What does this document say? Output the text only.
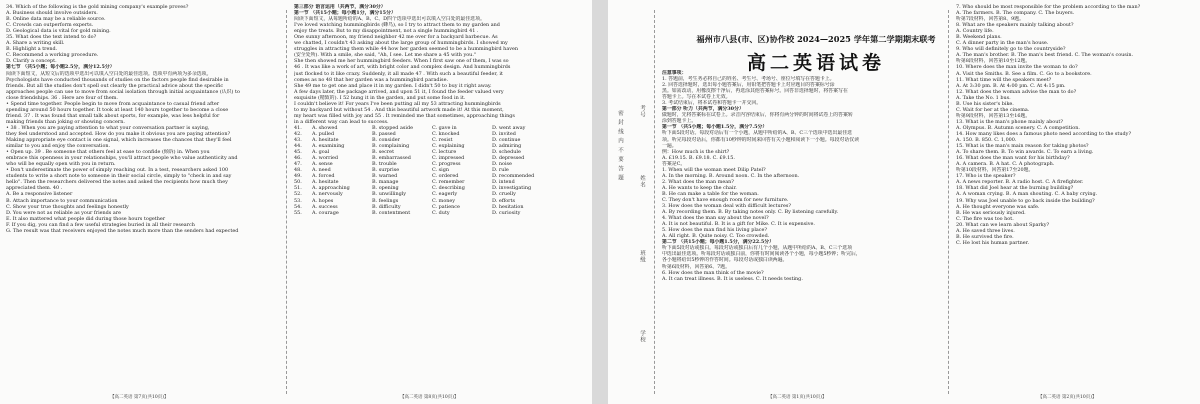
34. Which of the following is the gold mining company's example proves?

A. Business should involve outsiders.

B. Online data may be a reliable source.

C. Crowds can outperform experts.

D. Geological data is vital for gold mining.

35. What does the text intend to do?

A. Share a writing skill.

B. Highlight a trend.

C. Recommend a working procedure.

D. Clarify a concept.

第七节 （共5小题；每小题2.5分，满分12.5分）

阅读下面短文，从短文后的选项中选出可以填入空白处的最佳选项。选项中有两项为多余选项。

Psychologists have conducted thousands of studies on the factors people find desirable in

friends. But all the studies don't spell out clearly the practical advice about the specific

approaches people can use to move from social isolation through initial acquaintance (认识) to

close friendships. 36 . Here are four of them.

• Spend time together. People begin to move from acquaintance to casual friend after

spending around 50 hours together. It took at least 140 hours together to become a close

friend. 37 . It was found that small talk about sports, for example, was less helpful for

making friends than joking or showing concern.

• 38 . When you are paying attention to what your conversation partner is saying,

they feel understood and accepted. How do you make it obvious you are paying attention?

Making appropriate eye contact is one signal, which increases the chances that they'll feel

similar to you and enjoy the conversation.

• Open up. 39 . Be someone that others feel at ease to confide (倾诉) in. When you

embrace this openness in your relationships, you'll attract people who value authenticity and

who will be equally open with you in return.

• Don't underestimate the power of simply reaching out. In a test, researchers asked 100

students to write a short note to someone in their social circle, simply to "check in and say

hello". Then the researchers delivered the notes and asked the recipients how much they

appreciated them. 40 .

A. Be a responsive listener

B. Attach importance to your communication

C. Show your true thoughts and feelings honestly

D. You were not as reliable as your friends are

E. It also mattered what people did during those hours together

F. If you dig, you can find a few useful strategies buried in all their research

G. The result was that receivers enjoyed the notes much more than the senders had expected

【高二英语 第7页(共10页)】

第三部分 语言运用（共两节，满分30分）

第一节 （共15小题；每小题1分，满分15分）

阅读下面短文，从每题所给的A、B、C、D四个选项中选出可以填入空白处的最佳选项。

I've loved watching hummingbirds (蜂鸟), so I try to attract them to my garden and

enjoy the treats. But to my disappointment, not a single hummingbird 41 .

One sunny afternoon, my friend neighbor 42 me over for a backyard barbecue. As

we chatted, I couldn't 43 asking about the large group of hummingbirds. I showed my

struggles in attracting them while 44 how her garden seemed to be a hummingbird haven

(安全处所). With a smile, she said, "Ah, I see. Let me share a 45 with you."

She then showed me her hummingbird feeders. When I first saw one of them, I was so

46 . It was like a work of art, with bright color and complex design. And hummingbirds

just flocked to it like crazy. Suddenly, it all made 47 . With such a beautiful feeder, it

comes as no 48 that her garden was a hummingbird paradise.

She 49 me to get one and place it in my garden. I didn't 50 to buy it right away.

A few days later, the package arrived, and upon 51 it, I found the feeder valued very

exquisite (精致的). I 52 hung it in the garden, and put some food in it.

I couldn't believe it! For years I've been putting all my 53 attracting hummingbirds

to my backyard but without 54 . And this beautiful artwork made it! At this moment,

my heart was filled with joy and 55 . It reminded me that sometimes, approaching things

in a different way can lead to success.

41.	A. showed	B. stopped aside	C. gave in	D. went away
42.	A. pulled	B. passed	C. knocked	D. invited
43.	A. hesitate	B. consider	C. resist	D. continue
44.	A. examining	B. complaining	C. explaining	D. admiring
45.	A. goal	B. secret	C. lecture	D. schedule
46.	A. worried	B. embarrassed	C. impressed	D. depressed
47.	A. sense	B. trouble	C. progress	D. noise
48.	A. need	B. surprise	C. sign	D. rule
49.	A. forced	B. warned	C. ordered	D. recommended
50.	A. hesitate	B. manage	C. remember	D. intend
51.	A. approaching	B. opening	C. describing	D. investigating
52.	A. nervously	B. unwillingly	C. eagerly	D. cruelly
53.	A. hopes	B. feelings	C. money	D. efforts
54.	A. success	B. difficulty	C. patience	D. hesitation
55.	A. courage	B. contentment	C. duty	D. curiosity
【高二英语 第8页(共10页)】
密 封 线 内 不 要 答 题	考号
姓名
班级
学校
福州市八县(市、区)协作校 2024—2025 学年第二学期期末联考
高二英语试卷

注意事项：

1. 答题前，考生务必将自己的姓名、考生号、考场号、座位号填写在答题卡上。

2. 回答选择题时，选出每小题答案后，用铅笔把答题卡上对应题目的答案标号涂

黑。如需改动，用橡皮擦干净后，再选涂其他答案标号。回答非选择题时，将答案写在

答题卡上。写在本试卷上无效。

3. 考试结束后，将本试卷和答题卡一并交回。

第一部分 听力（共两节，满分30分）

做题时，先将答案标在试卷上。录音内容结束后，你将有两分钟的时间将试卷上的答案转

涂到答题卡上。

第一节 （共5小题；每小题1.5分，满分7.5分）

听下面5段对话。每段对话后有一个小题，从题中所给的A、B、C三个选项中选出最佳选

项。听完每段对话后，你都有10秒钟的时间来回答有关小题和阅读下一小题。每段对话仅读

一遍。

例：How much is the shirt?

A. £19.15. B. £9.18. C. £9.15.

答案是C。

1. When will the woman meet Dilip Patel?

A. In the morning. B. Around noon. C. In the afternoon.

2. What does the man mean?

A. He wants to keep the chair.

B. He can make a table for the woman.

C. They don't have enough room for new furniture.

3. How does the woman deal with difficult lectures?

A. By recording them. B. By taking notes only. C. By listening carefully.

4. What does the man say about the novel?

A. It is not beautiful. B. It is a gift for Mike. C. It is expensive.

5. How does the man find his living place?

A. All right. B. Quite noisy. C. Too crowded.

第二节 （共15小题；每小题1.5分，满分22.5分）

听下面5段对话或独白。每段对话或独白后有几个小题，从题中所给的A、B、C三个选项

中选出最佳选项。听每段对话或独白前，你将有时间阅读各个小题，每小题5秒钟；听完后，

各小题将给出5秒钟的作答时间。每段对话或独白读两遍。

听第6段材料，回答第6、7题。

6. How does the man think of the movie?

A. It can treat illness. B. It is useless. C. It needs testing.

【高二英语 第1页(共10页)】

7. Who should be most responsible for the problem according to the man?

A. The farmers. B. The company. C. The buyers.

听第7段材料，回答第8、9题。

8. What are the speakers mainly talking about?

A. Country life.

B. Weekend plans.

C. A dinner party in the man's house.

9. Who will definitely go to the countryside?

A. The man's brother. B. The man's best friend. C. The woman's cousin.

听第8段材料，回答第10至12题。

10. Where does the man invite the woman to do?

A. Visit the Smiths. B. See a film. C. Go to a bookstore.

11. What time will the speakers meet?

A. At 3:30 pm. B. At 4:00 pm. C. At 4:15 pm.

12. What does the woman advise the man to do?

A. Take the No. 1 bus.

B. Use his sister's bike.

C. Wait for her at the cinema.

听第9段材料，回答第13至16题。

13. What is the man's phone mainly about?

A. Olympus. B. Autumn scenery. C. A competition.

14. How many likes does a famous photo need according to the study?

A. 150. B. 850. C. 1,000.

15. What is the man's main reason for taking photos?

A. To share them. B. To win awards. C. To earn a living.

16. What does the man want for his birthday?

A. A camera. B. A hat. C. A photograph.

听第10段材料，回答第17至20题。

17. Who is the speaker?

A. A news reporter. B. A radio host. C. A firefighter.

18. What did Joel hear at the burning building?

A. A woman crying. B. A man shouting. C. A baby crying.

19. Why was Joel unable to go back inside the building?

A. He thought everyone was safe.

B. He was seriously injured.

C. The fire was too hot.

20. What can we learn about Sparky?

A. He saved three lives.

B. He survived the fire.

C. He lost his human partner.

【高二英语 第2页(共10页)】
